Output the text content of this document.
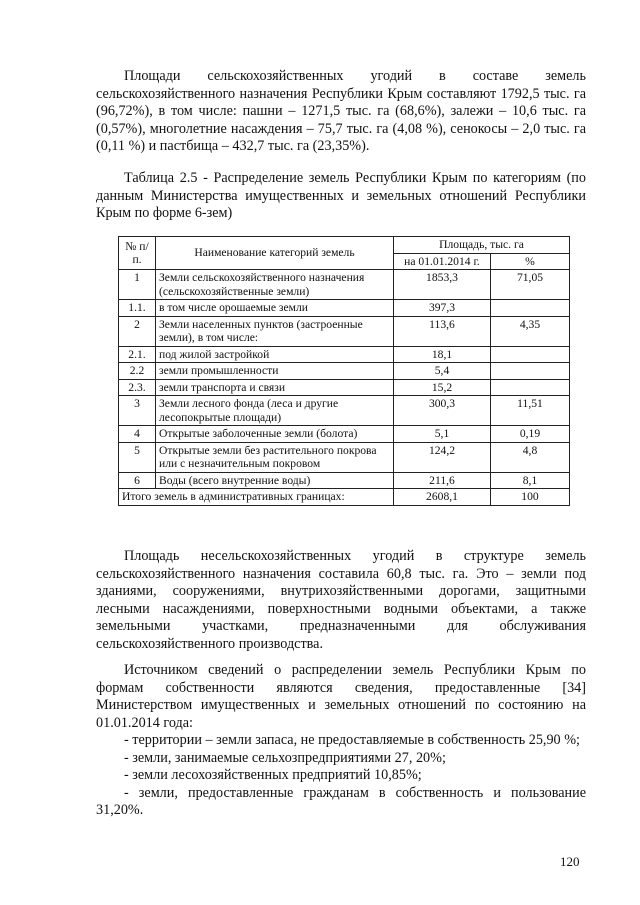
Площади сельскохозяйственных угодий в составе земель сельскохозяйственного назначения Республики Крым составляют 1792,5 тыс. га (96,72%), в том числе: пашни – 1271,5 тыс. га (68,6%), залежи – 10,6 тыс. га (0,57%), многолетние насаждения – 75,7 тыс. га (4,08 %), сенокосы – 2,0 тыс. га (0,11 %) и пастбища – 432,7 тыс. га (23,35%).

Таблица 2.5 - Распределение земель Республики Крым по категориям (по данным Министерства имущественных и земельных отношений Республики Крым по форме 6-зем)

№ п/п.	Наименование категорий земель	Площадь, тыс. га	
		на 01.01.2014 г.	%
1	Земли сельскохозяйственного назначения (сельскохозяйственные земли)	1853,3	71,05
1.1.	в том числе орошаемые земли	397,3	
2	Земли населенных пунктов (застроенные земли), в том числе:	113,6	4,35
2.1.	под жилой застройкой	18,1	
2.2	земли промышленности	5,4	
2.3.	земли транспорта и связи	15,2	
3	Земли лесного фонда (леса и другие лесопокрытые площади)	300,3	11,51
4	Открытые заболоченные земли (болота)	5,1	0,19
5	Открытые земли без растительного покрова или с незначительным покровом	124,2	4,8
6	Воды (всего внутренние воды)	211,6	8,1
Итого земель в административных границах:		2608,1	100

Площадь несельскохозяйственных угодий в структуре земель сельскохозяйственного назначения составила 60,8 тыс. га. Это – земли под зданиями, сооружениями, внутрихозяйственными дорогами, защитными лесными насаждениями, поверхностными водными объектами, а также земельными участками, предназначенными для обслуживания сельскохозяйственного производства.

Источником сведений о распределении земель Республики Крым по формам собственности являются сведения, предоставленные [34] Министерством имущественных и земельных отношений по состоянию на 01.01.2014 года:

- территории – земли запаса, не предоставляемые в собственность 25,90 %;
- земли, занимаемые сельхозпредприятиями 27, 20%;
- земли лесохозяйственных предприятий 10,85%;
- земли, предоставленные гражданам в собственность и пользование 31,20%.
120
